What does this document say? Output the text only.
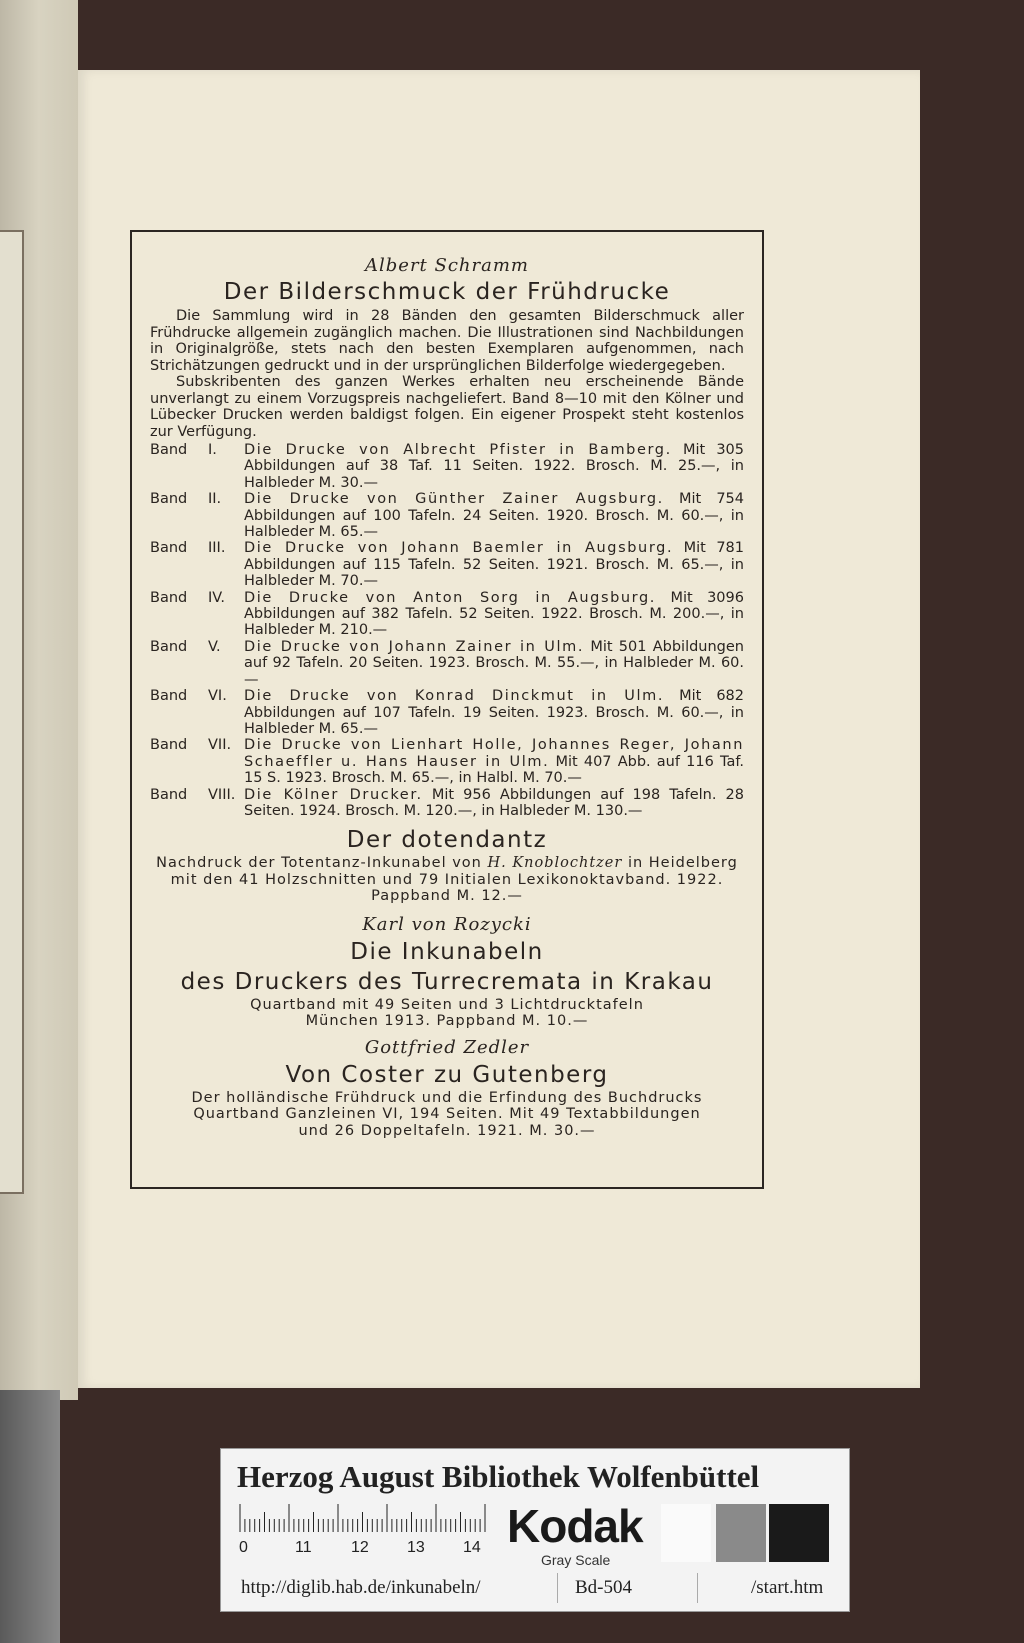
Albert Schramm
Der Bilderschmuck der Frühdrucke

Die Sammlung wird in 28 Bänden den gesamten Bilderschmuck aller Frühdrucke allgemein zugänglich machen. Die Illustrationen sind Nachbildungen in Originalgröße, stets nach den besten Exemplaren aufgenommen, nach Strichätzungen gedruckt und in der ursprünglichen Bilderfolge wiedergegeben.

Subskribenten des ganzen Werkes erhalten neu erscheinende Bände unverlangt zu einem Vorzugspreis nachgeliefert. Band 8—10 mit den Kölner und Lübecker Drucken werden baldigst folgen. Ein eigener Prospekt steht kostenlos zur Verfügung.

Band	I.	Die Drucke von Albrecht Pfister in Bamberg. Mit 305 Abbildungen auf 38 Taf. 11 Seiten. 1922. Brosch. M. 25.—, in Halbleder M. 30.—
Band	II.	Die Drucke von Günther Zainer Augsburg. Mit 754 Abbildungen auf 100 Tafeln. 24 Seiten. 1920. Brosch. M. 60.—, in Halbleder M. 65.—
Band	III.	Die Drucke von Johann Baemler in Augsburg. Mit 781 Abbildungen auf 115 Tafeln. 52 Seiten. 1921. Brosch. M. 65.—, in Halbleder M. 70.—
Band	IV.	Die Drucke von Anton Sorg in Augsburg. Mit 3096 Abbildungen auf 382 Tafeln. 52 Seiten. 1922. Brosch. M. 200.—, in Halbleder M. 210.—
Band	V.	Die Drucke von Johann Zainer in Ulm. Mit 501 Abbildungen auf 92 Tafeln. 20 Seiten. 1923. Brosch. M. 55.—, in Halbleder M. 60.—
Band	VI.	Die Drucke von Konrad Dinckmut in Ulm. Mit 682 Abbildungen auf 107 Tafeln. 19 Seiten. 1923. Brosch. M. 60.—, in Halbleder M. 65.—
Band	VII.	Die Drucke von Lienhart Holle, Johannes Reger, Johann Schaeffler u. Hans Hauser in Ulm. Mit 407 Abb. auf 116 Taf. 15 S. 1923. Brosch. M. 65.—, in Halbl. M. 70.—
Band	VIII.	Die Kölner Drucker. Mit 956 Abbildungen auf 198 Tafeln. 28 Seiten. 1924. Brosch. M. 120.—, in Halbleder M. 130.—
Der dotendantz
Nachdruck der Totentanz-Inkunabel von H. Knoblochtzer in Heidelberg mit den 41 Holzschnitten und 79 Initialen Lexikonoktavband. 1922. Pappband M. 12.—
Karl von Rozycki
Die Inkunabeln
des Druckers des Turrecremata in Krakau
Quartband mit 49 Seiten und 3 Lichtdrucktafeln
München 1913. Pappband M. 10.—
Gottfried Zedler
Von Coster zu Gutenberg
Der holländische Frühdruck und die Erfindung des Buchdrucks
Quartband Ganzleinen VI, 194 Seiten. Mit 49 Textabbildungen
und 26 Doppeltafeln. 1921. M. 30.—
Herzog August Bibliothek Wolfenbüttel
0	11 12 13 14 Kodak
Gray Scale
http://diglib.hab.de/inkunabeln/	Bd-504	/start.htm
